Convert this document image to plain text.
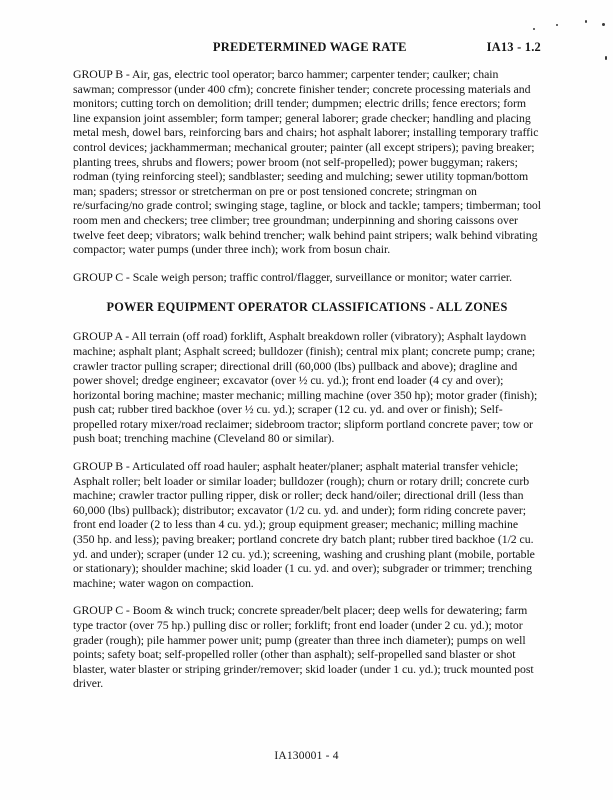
PREDETERMINED WAGE RATE	IA13 - 1.2

GROUP B - Air, gas, electric tool operator; barco hammer; carpenter tender; caulker; chain sawman; compressor (under 400 cfm); concrete finisher tender; concrete processing materials and monitors; cutting torch on demolition; drill tender; dumpmen; electric drills; fence erectors; form line expansion joint assembler; form tamper; general laborer; grade checker; handling and placing metal mesh, dowel bars, reinforcing bars and chairs; hot asphalt laborer; installing temporary traffic control devices; jackhammerman; mechanical grouter; painter (all except stripers); paving breaker; planting trees, shrubs and flowers; power broom (not self-propelled); power buggyman; rakers; rodman (tying reinforcing steel); sandblaster; seeding and mulching; sewer utility topman/bottom man; spaders; stressor or stretcherman on pre or post tensioned concrete; stringman on re/surfacing/no grade control; swinging stage, tagline, or block and tackle; tampers; timberman; tool room men and checkers; tree climber; tree groundman; underpinning and shoring caissons over twelve feet deep; vibrators; walk behind trencher; walk behind paint stripers; walk behind vibrating compactor; water pumps (under three inch); work from bosun chair.

GROUP C - Scale weigh person; traffic control/flagger, surveillance or monitor; water carrier.

POWER EQUIPMENT OPERATOR CLASSIFICATIONS - ALL ZONES

GROUP A - All terrain (off road) forklift, Asphalt breakdown roller (vibratory); Asphalt laydown machine; asphalt plant; Asphalt screed; bulldozer (finish); central mix plant; concrete pump; crane; crawler tractor pulling scraper; directional drill (60,000 (lbs) pullback and above); dragline and power shovel; dredge engineer; excavator (over ½ cu. yd.); front end loader (4 cy and over); horizontal boring machine; master mechanic; milling machine (over 350 hp); motor grader (finish); push cat; rubber tired backhoe (over ½ cu. yd.); scraper (12 cu. yd. and over or finish); Self-propelled rotary mixer/road reclaimer; sidebroom tractor; slipform portland concrete paver; tow or push boat; trenching machine (Cleveland 80 or similar).

GROUP B - Articulated off road hauler; asphalt heater/planer; asphalt material transfer vehicle; Asphalt roller; belt loader or similar loader; bulldozer (rough); churn or rotary drill; concrete curb machine; crawler tractor pulling ripper, disk or roller; deck hand/oiler; directional drill (less than 60,000 (lbs) pullback); distributor; excavator (1/2 cu. yd. and under); form riding concrete paver; front end loader (2 to less than 4 cu. yd.); group equipment greaser; mechanic; milling machine (350 hp. and less); paving breaker; portland concrete dry batch plant; rubber tired backhoe (1/2 cu. yd. and under); scraper (under 12 cu. yd.); screening, washing and crushing plant (mobile, portable or stationary); shoulder machine; skid loader (1 cu. yd. and over); subgrader or trimmer; trenching machine; water wagon on compaction.

GROUP C - Boom & winch truck; concrete spreader/belt placer; deep wells for dewatering; farm type tractor (over 75 hp.) pulling disc or roller; forklift; front end loader (under 2 cu. yd.); motor grader (rough); pile hammer power unit; pump (greater than three inch diameter); pumps on well points; safety boat; self-propelled roller (other than asphalt); self-propelled sand blaster or shot blaster, water blaster or striping grinder/remover; skid loader (under 1 cu. yd.); truck mounted post driver.

IA130001 - 4
